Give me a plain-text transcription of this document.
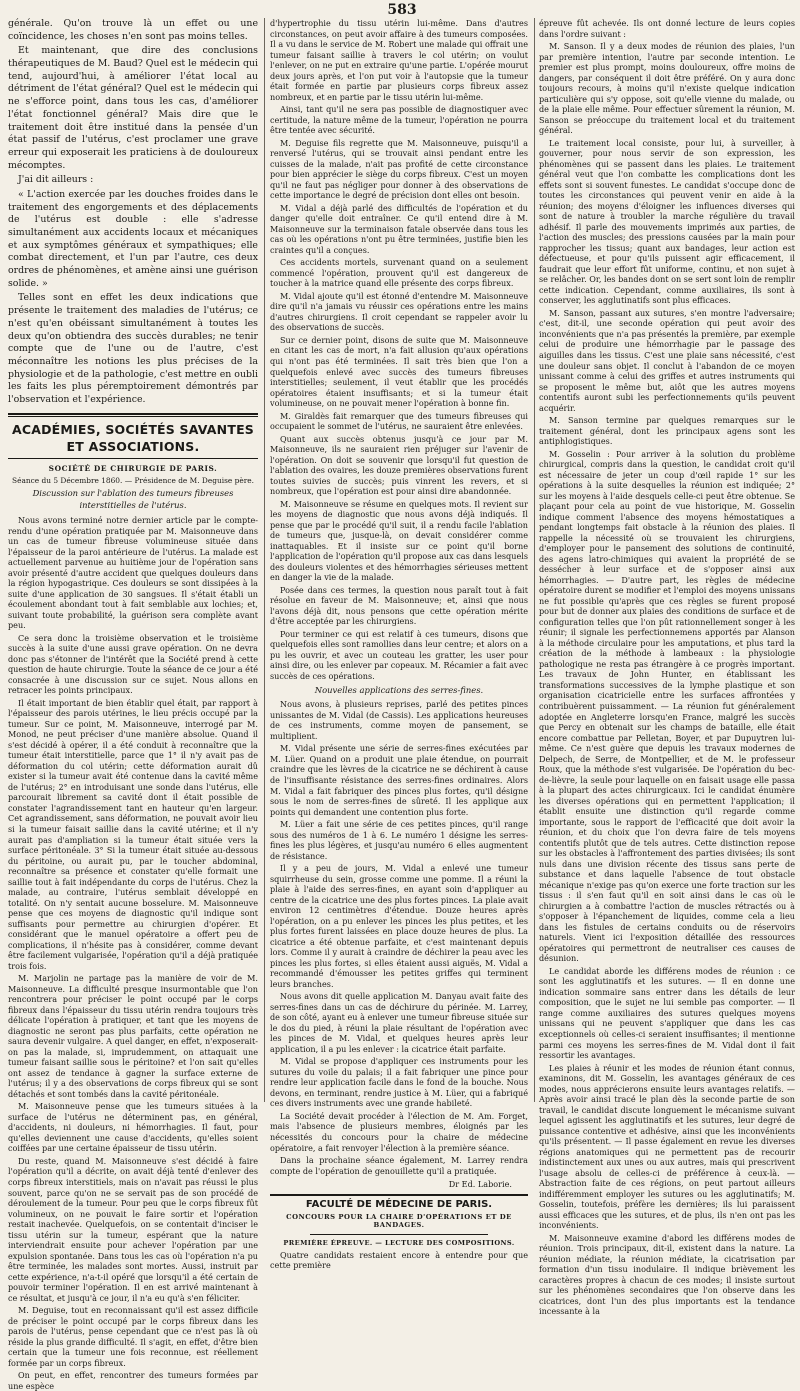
583

générale. Qu'on trouve là un effet ou une coïncidence, les choses n'en sont pas moins telles.

Et maintenant, que dire des conclusions thérapeutiques de M. Baud? Quel est le médecin qui tend, aujourd'hui, à améliorer l'état local au détriment de l'état général? Quel est le médecin qui ne s'efforce point, dans tous les cas, d'améliorer l'état fonctionnel général? Mais dire que le traitement doit être institué dans la pensée d'un état passif de l'utérus, c'est proclamer une grave erreur qui exposerait les praticiens à de douloureux mécomptes.

J'ai dit ailleurs :

« L'action exercée par les douches froides dans le traitement des engorgements et des déplacements de l'utérus est double : elle s'adresse simultanément aux accidents locaux et mécaniques et aux symptômes généraux et sympathiques; elle combat directement, et l'un par l'autre, ces deux ordres de phénomènes, et amène ainsi une guérison solide. »

Telles sont en effet les deux indications que présente le traitement des maladies de l'utérus; ce n'est qu'en obéissant simultanément à toutes les deux qu'on obtiendra des succès durables; ne tenir compte que de l'une ou de l'autre, c'est méconnaître les notions les plus précises de la physiologie et de la pathologie, c'est mettre en oubli les faits les plus péremptoirement démontrés par l'observation et l'expérience.

ACADÉMIES, SOCIÉTÉS SAVANTES ET ASSOCIATIONS.
SOCIÉTÉ DE CHIRURGIE DE PARIS.
Séance du 5 Décembre 1860. — Présidence de M. Deguise père.
Discussion sur l'ablation des tumeurs fibreuses interstitielles de l'utérus.

Nous avons terminé notre dernier article par le compte-rendu d'une opération pratiquée par M. Maisonneuve dans un cas de tumeur fibreuse volumineuse située dans l'épaisseur de la paroi antérieure de l'utérus. La malade est actuellement parvenue au huitième jour de l'opération sans avoir présenté d'autre accident que quelques douleurs dans la région hypogastrique. Ces douleurs se sont dissipées à la suite d'une application de 30 sangsues. Il s'était établi un écoulement abondant tout à fait semblable aux lochies; et, suivant toute probabilité, la guérison sera complète avant peu.

Ce sera donc la troisième observation et le troisième succès à la suite d'une aussi grave opération. On ne devra donc pas s'étonner de l'intérêt que la Société prend à cette question de haute chirurgie. Toute la séance de ce jour a été consacrée à une discussion sur ce sujet. Nous allons en retracer les points principaux.

Il était important de bien établir quel était, par rapport à l'épaisseur des parois utérines, le lieu précis occupé par la tumeur. Sur ce point, M. Maisonneuve, interrogé par M. Monod, ne peut préciser d'une manière absolue. Quand il s'est décidé à opérer, il a été conduit à reconnaître que la tumeur était interstitielle, parce que 1° il n'y avait pas de déformation du col utérin; cette déformation aurait dû exister si la tumeur avait été contenue dans la cavité même de l'utérus; 2° en introduisant une sonde dans l'utérus, elle parcourait librement sa cavité dont il était possible de constater l'agrandissement tant en hauteur qu'en largeur. Cet agrandissement, sans déformation, ne pouvait avoir lieu si la tumeur faisait saillie dans la cavité utérine; et il n'y aurait pas d'ampliation si la tumeur était située vers la surface péritonéale. 3° Si la tumeur était située au-dessous du péritoine, ou aurait pu, par le toucher abdominal, reconnaître sa présence et constater qu'elle formait une saillie tout à fait indépendante du corps de l'utérus. Chez la malade, au contraire, l'utérus semblait développé en totalité. On n'y sentait aucune bosselure. M. Maisonneuve pense que ces moyens de diagnostic qu'il indique sont suffisants pour permettre au chirurgien d'opérer. Et considérant que le manuel opératoire a offert peu de complications, il n'hésite pas à considérer, comme devant être facilement vulgarisée, l'opération qu'il a déjà pratiquée trois fois.

M. Marjolin ne partage pas la manière de voir de M. Maisonneuve. La difficulté presque insurmontable que l'on rencontrera pour préciser le point occupé par le corps fibreux dans l'épaisseur du tissu utérin rendra toujours très délicate l'opération à pratiquer, et tant que les moyens de diagnostic ne seront pas plus parfaits, cette opération ne saura devenir vulgaire. A quel danger, en effet, n'exposerait-on pas la malade, si, imprudemment, on attaquait une tumeur faisant saillie sous le péritoine? et l'on sait qu'elles ont assez de tendance à gagner la surface externe de l'utérus; il y a des observations de corps fibreux qui se sont détachés et sont tombés dans la cavité péritonéale.

M. Maisonneuve pense que les tumeurs situées à la surface de l'utérus ne déterminent pas, en général, d'accidents, ni douleurs, ni hémorrhagies. Il faut, pour qu'elles deviennent une cause d'accidents, qu'elles soient coiffées par une certaine épaisseur de tissu utérin.

Du reste, quand M. Maisonneuve s'est décidé à faire l'opération qu'il a décrite, on avait déjà tenté d'enlever des corps fibreux interstitiels, mais on n'avait pas réussi le plus souvent, parce qu'on ne se servait pas de son procédé de déroulement de la tumeur. Pour peu que le corps fibreux fût volumineux, on ne pouvait le faire sortir et l'opération restait inachevée. Quelquefois, on se contentait d'inciser le tissu utérin sur la tumeur, espérant que la nature interviendrait ensuite pour achever l'opération par une expulsion spontanée. Dans tous les cas où l'opération n'a pu être terminée, les malades sont mortes. Aussi, instruit par cette expérience, n'a-t-il opéré que lorsqu'il a été certain de pouvoir terminer l'opération. Il en est arrivé maintenant à ce résultat, et jusqu'à ce jour, il n'a eu qu'à s'en féliciter.

M. Deguise, tout en reconnaissant qu'il est assez difficile de préciser le point occupé par le corps fibreux dans les parois de l'utérus, pense cependant que ce n'est pas là où réside la plus grande difficulté. Il s'agit, en effet, d'être bien certain que la tumeur une fois reconnue, est réellement formée par un corps fibreux.

On peut, en effet, rencontrer des tumeurs formées par une espèce

d'hypertrophie du tissu utérin lui-même. Dans d'autres circonstances, on peut avoir affaire à des tumeurs composées. Il a vu dans le service de M. Robert une malade qui offrait une tumeur faisant saillie à travers le col utérin; on voulut l'enlever, on ne put en extraire qu'une partie. L'opérée mourut deux jours après, et l'on put voir à l'autopsie que la tumeur était formée en partie par plusieurs corps fibreux assez nombreux, et en partie par le tissu utérin lui-même.

Ainsi, tant qu'il ne sera pas possible de diagnostiquer avec certitude, la nature même de la tumeur, l'opération ne pourra être tentée avec sécurité.

M. Deguise fils regrette que M. Maisonneuve, puisqu'il a renversé l'utérus, qui se trouvait ainsi pendant entre les cuisses de la malade, n'ait pas profité de cette circonstance pour bien apprécier le siège du corps fibreux. C'est un moyen qu'il ne faut pas négliger pour donner à des observations de cette importance le degré de précision dont elles ont besoin.

M. Vidal a déjà parlé des difficultés de l'opération et du danger qu'elle doit entraîner. Ce qu'il entend dire à M. Maisonneuve sur la terminaison fatale observée dans tous les cas où les opérations n'ont pu être terminées, justifie bien les craintes qu'il a conçues.

Ces accidents mortels, survenant quand on a seulement commencé l'opération, prouvent qu'il est dangereux de toucher à la matrice quand elle présente des corps fibreux.

M. Vidal ajoute qu'il est étonné d'entendre M. Maisonneuve dire qu'il n'a jamais vu réussir ces opérations entre les mains d'autres chirurgiens. Il croit cependant se rappeler avoir lu des observations de succès.

Sur ce dernier point, disons de suite que M. Maisonneuve en citant les cas de mort, n'a fait allusion qu'aux opérations qui n'ont pas été terminées. Il sait très bien que l'on a quelquefois enlevé avec succès des tumeurs fibreuses interstitielles; seulement, il veut établir que les procédés opératoires étaient insuffisants; et si la tumeur était volumineuse, on ne pouvait mener l'opération à bonne fin.

M. Giraldès fait remarquer que des tumeurs fibreuses qui occupaient le sommet de l'utérus, ne sauraient être enlevées.

Quant aux succès obtenus jusqu'à ce jour par M. Maisonneuve, ils ne sauraient rien préjuger sur l'avenir de l'opération. On doit se souvenir que lorsqu'il fut question de l'ablation des ovaires, les douze premières observations furent toutes suivies de succès; puis vinrent les revers, et si nombreux, que l'opération est pour ainsi dire abandonnée.

M. Maisonneuve se résume en quelques mots. Il revient sur les moyens de diagnostic que nous avons déjà indiqués. Il pense que par le procédé qu'il suit, il a rendu facile l'ablation de tumeurs que, jusque-là, on devait considérer comme inattaquables. Et il insiste sur ce point qu'il borne l'application de l'opération qu'il propose aux cas dans lesquels des douleurs violentes et des hémorrhagies sérieuses mettent en danger la vie de la malade.

Posée dans ces termes, la question nous paraît tout à fait résolue en faveur de M. Maisonneuve; et, ainsi que nous l'avons déjà dit, nous pensons que cette opération mérite d'être acceptée par les chirurgiens.

Pour terminer ce qui est relatif à ces tumeurs, disons que quelquefois elles sont ramollies dans leur centre; et alors on a pu les ouvrir, et avec un couteau les gratter, les user pour ainsi dire, ou les enlever par copeaux. M. Récamier a fait avec succès de ces opérations.

Nouvelles applications des serres-fines.

Nous avons, à plusieurs reprises, parlé des petites pinces unissantes de M. Vidal (de Cassis). Les applications heureuses de ces instruments, comme moyen de pansement, se multiplient.

M. Vidal présente une série de serres-fines exécutées par M. Lüer. Quand on a produit une plaie étendue, on pourrait craindre que les lèvres de la cicatrice ne se déchirent à cause de l'insuffisante résistance des serres-fines ordinaires. Alors M. Vidal a fait fabriquer des pinces plus fortes, qu'il désigne sous le nom de serres-fines de sûreté. Il les applique aux points qui demandent une contention plus forte.

M. Lüer a fait une série de ces petites pinces, qu'il range sous des numéros de 1 à 6. Le numéro 1 désigne les serres-fines les plus légères, et jusqu'au numéro 6 elles augmentent de résistance.

Il y a peu de jours, M. Vidal a enlevé une tumeur squirrheuse du sein, grosse comme une pomme. Il a réuni la plaie à l'aide des serres-fines, en ayant soin d'appliquer au centre de la cicatrice une des plus fortes pinces. La plaie avait environ 12 centimètres d'étendue. Douze heures après l'opération, on a pu enlever les pinces les plus petites, et les plus fortes furent laissées en place douze heures de plus. La cicatrice a été obtenue parfaite, et c'est maintenant depuis lors. Comme il y aurait à craindre de déchirer la peau avec les pinces les plus fortes, si elles étaient aussi aiguës, M. Vidal a recommandé d'émousser les petites griffes qui terminent leurs branches.

Nous avons dit quelle application M. Danyau avait faite des serres-fines dans un cas de déchirure du périnée. M. Larrey, de son côté, ayant eu à enlever une tumeur fibreuse située sur le dos du pied, à réuni la plaie résultant de l'opération avec les pinces de M. Vidal, et quelques heures après leur application, il a pu les enlever : la cicatrice était parfaite.

M. Vidal se propose d'appliquer ces instruments pour les sutures du voile du palais; il a fait fabriquer une pince pour rendre leur application facile dans le fond de la bouche. Nous devons, en terminant, rendre justice à M. Lüer, qui a fabriqué ces divers instruments avec une grande habileté.

La Société devait procéder à l'élection de M. Am. Forget, mais l'absence de plusieurs membres, éloignés par les nécessités du concours pour la chaire de médecine opératoire, a fait renvoyer l'élection à la première séance.

Dans la prochaine séance également, M. Larrey rendra compte de l'opération de genouillette qu'il a pratiquée.

Dr Ed. Laborie.
FACULTÉ DE MÉDECINE DE PARIS.
CONCOURS POUR LA CHAIRE D'OPÉRATIONS ET DE BANDAGES.
PREMIÈRE ÉPREUVE. — LECTURE DES COMPOSITIONS.

Quatre candidats restaient encore à entendre pour que cette première

épreuve fût achevée. Ils ont donné lecture de leurs copies dans l'ordre suivant :

M. Sanson. Il y a deux modes de réunion des plaies, l'un par première intention, l'autre par seconde intention. Le premier est plus prompt, moins douloureux, offre moins de dangers, par conséquent il doit être préféré. On y aura donc toujours recours, à moins qu'il n'existe quelque indication particulière qui s'y oppose, soit qu'elle vienne du malade, ou de la plaie elle même. Pour effectuer sûrement la réunion, M. Sanson se préoccupe du traitement local et du traitement général.

Le traitement local consiste, pour lui, à surveiller, à gouverner, pour nous servir de son expression, les phénomènes qui se passent dans les plaies. Le traitement général veut que l'on combatte les complications dont les effets sont si souvent funestes. Le candidat s'occupe donc de toutes les circonstances qui peuvent venir en aide à la réunion; des moyens d'éloigner les influences diverses qui sont de nature à troubler la marche régulière du travail adhésif. Il parle des mouvements imprimés aux parties, de l'action des muscles; des pressions causées par la main pour rapprocher les tissus; quant aux bandages, leur action est défectueuse, et pour qu'ils puissent agir efficacement, il faudrait que leur effort fût uniforme, continu, et non sujet à se relâcher. Or, les bandes dont on se sert sont loin de remplir cette indication. Cependant, comme auxiliaires, ils sont à conserver, les agglutinatifs sont plus efficaces.

M. Sanson, passant aux sutures, s'en montre l'adversaire; c'est, dit-il, une seconde opération qui peut avoir des inconvénients que n'a pas présentés la première, par exemple celui de produire une hémorrhagie par le passage des aiguilles dans les tissus. C'est une plaie sans nécessité, c'est une douleur sans objet. Il conclut à l'abandon de ce moyen unissant comme à celui des griffes et autres instruments qui se proposent le même but, aiôt que les autres moyens contentifs auront subi les perfectionnements qu'ils peuvent acquérir.

M. Sanson termine par quelques remarques sur le traitement général, dont les principaux agens sont les antiphlogistiques.

M. Gosselin : Pour arriver à la solution du problème chirurgical, compris dans la question, le candidat croit qu'il est nécessaire de jeter un coup d'œil rapide 1° sur les opérations à la suite desquelles la réunion est indiquée; 2° sur les moyens à l'aide desquels celle-ci peut être obtenue. Se plaçant pour cela au point de vue historique, M. Gosselin indique comment l'absence des moyens hémostatiques a pendant longtemps fait obstacle à la réunion des plaies. Il rappelle la nécessité où se trouvaient les chirurgiens, d'employer pour le pansement des solutions de continuité, des agens latro-chimiques qui avaient la propriété de se dessécher à leur surface et de s'opposer ainsi aux hémorrhagies. — D'autre part, les règles de médecine opératoire durent se modifier et l'emploi des moyens unissans ne fut possible qu'après que ces règles se furent proposé pour but de donner aux plaies des conditions de surface et de configuration telles que l'on pût rationnellement songer à les réunir; il signale les perfectionnemens apportés par Alanson à la méthode circulaire pour les amputations, et plus tard la création de la méthode à lambeaux : la physiologie pathologique ne resta pas étrangère à ce progrès important. Les travaux de John Hunter, en établissant les transformations successives de la lymphe plastique et son organisation cicatricielle entre les surfaces affrontées y contribuèrent puissamment. — La réunion fut généralement adoptée en Angleterre lorsqu'en France, malgré les succès que Percy en obtenait sur les champs de bataille, elle était encore combattue par Pelletan, Boyer, et par Dupuytren lui-même. Ce n'est guère que depuis les travaux modernes de Delpech, de Serre, de Montpellier, et de M. le professeur Roux, que la méthode s'est vulgarisée. De l'opération du bec-de-lièvre, la seule pour laquelle on en faisait usage elle passa à la plupart des actes chirurgicaux. Ici le candidat énumère les diverses opérations qui en permettent l'application; il établit ensuite une distinction qu'il regarde comme importante, sous le rapport de l'efficacité que doit avoir la réunion, et du choix que l'on devra faire de tels moyens contentifs plutôt que de tels autres. Cette distinction repose sur les obstacles à l'affrontement des parties divisées; ils sont nuls dans une division récente des tissus sans perte de substance et dans laquelle l'absence de tout obstacle mécanique n'exige pas qu'on exerce une forte traction sur les tissus : il s'en faut qu'il en soit ainsi dans le cas où le chirurgien a à combattre l'action de muscles rétractés ou à s'opposer à l'épanchement de liquides, comme cela a lieu dans les fistules de certains conduits ou de réservoirs naturels. Vient ici l'exposition détaillée des ressources opératoires qui permettront de neutraliser ces causes de désunion.

Le candidat aborde les différens modes de réunion : ce sont les agglutinatifs et les sutures. — Il en donne une indication sommaire sans entrer dans les détails de leur composition, que le sujet ne lui semble pas comporter. — Il range comme auxiliaires des sutures quelques moyens unissans qui ne peuvent s'appliquer que dans les cas exceptionnels où celles-ci seraient insuffisantes; il mentionne parmi ces moyens les serres-fines de M. Vidal dont il fait ressortir les avantages.

Les plaies à réunir et les modes de réunion étant connus, examinons, dit M. Gosselin, les avantages généraux de ces modes, nous apprécierons ensuite leurs avantages relatifs. — Après avoir ainsi tracé le plan dès la seconde partie de son travail, le candidat discute longuement le mécanisme suivant lequel agissent les agglutinatifs et les sutures, leur degré de puissance contentive et adhésive, ainsi que les inconvénients qu'ils présentent. — Il passe également en revue les diverses régions anatomiques qui ne permettent pas de recourir indistinctement aux unes ou aux autres, mais qui prescrivent l'usage absolu de celles-ci de préférence à ceux-là. — Abstraction faite de ces régions, on peut partout ailleurs indifféremment employer les sutures ou les agglutinatifs; M. Gosselin, toutefois, préfère les dernières; ils lui paraissent aussi efficaces que les sutures, et de plus, ils n'en ont pas les inconvénients.

M. Maisonneuve examine d'abord les différens modes de réunion. Trois principaux, dit-il, existent dans la nature. La réunion médiate, la réunion médiate, la cicatrisation par formation d'un tissu inodulaire. Il indique brièvement les caractères propres à chacun de ces modes; il insiste surtout sur les phénomènes secondaires que l'on observe dans les cicatrices, dont l'un des plus importants est la tendance incessante à la
